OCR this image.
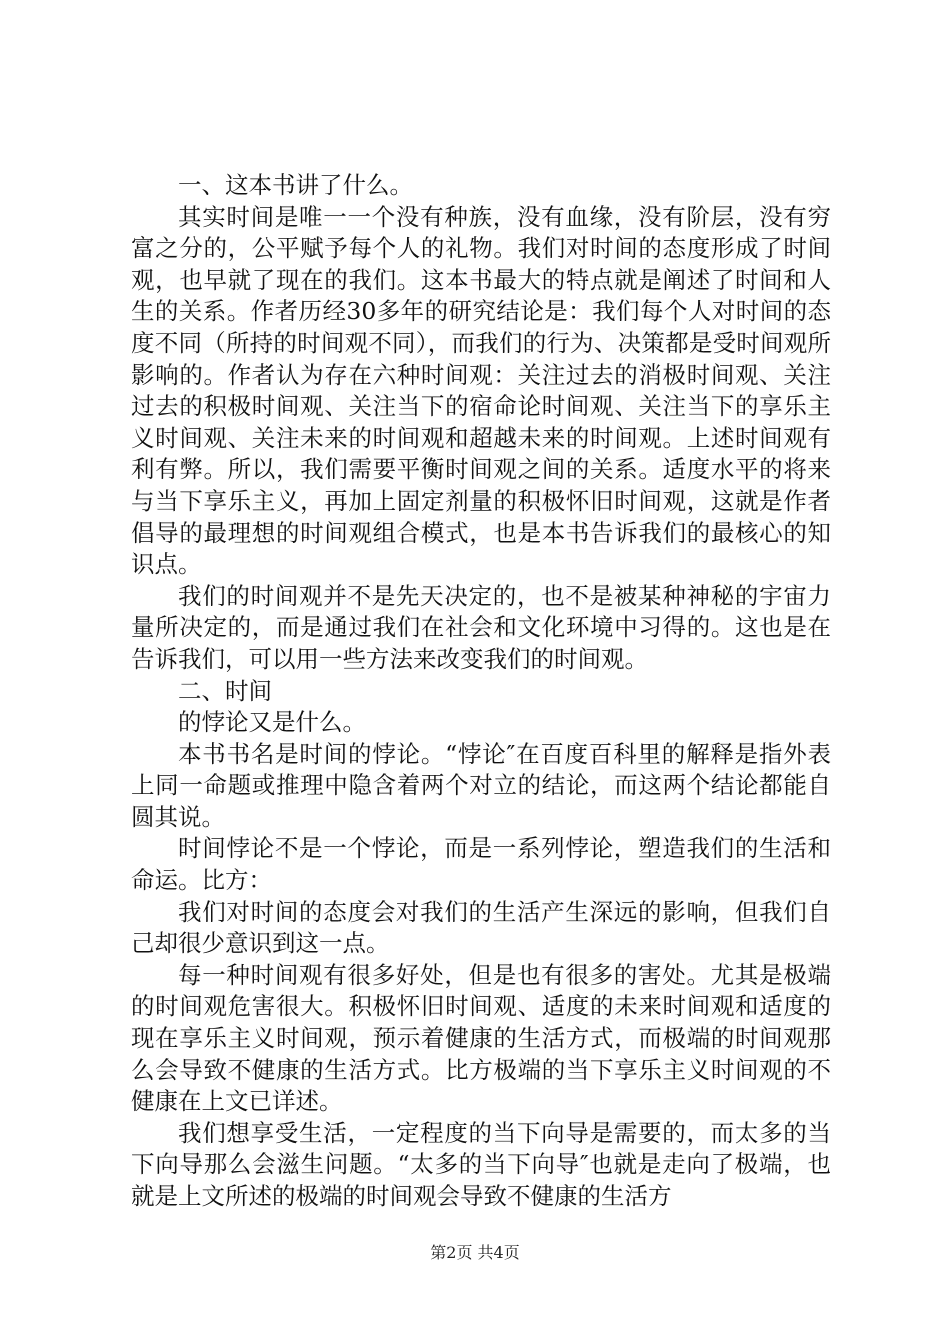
一、这本书讲了什么。

其实时间是唯一一个没有种族，没有血缘，没有阶层，没有穷富之分的，公平赋予每个人的礼物。我们对时间的态度形成了时间观，也早就了现在的我们。这本书最大的特点就是阐述了时间和人生的关系。作者历经30多年的研究结论是：我们每个人对时间的态度不同（所持的时间观不同），而我们的行为、决策都是受时间观所影响的。作者认为存在六种时间观：关注过去的消极时间观、关注过去的积极时间观、关注当下的宿命论时间观、关注当下的享乐主义时间观、关注未来的时间观和超越未来的时间观。上述时间观有利有弊。所以，我们需要平衡时间观之间的关系。适度水平的将来与当下享乐主义，再加上固定剂量的积极怀旧时间观，这就是作者倡导的最理想的时间观组合模式，也是本书告诉我们的最核心的知识点。

我们的时间观并不是先天决定的，也不是被某种神秘的宇宙力量所决定的，而是通过我们在社会和文化环境中习得的。这也是在告诉我们，可以用一些方法来改变我们的时间观。

二、时间

的悖论又是什么。

本书书名是时间的悖论。“悖论″在百度百科里的解释是指外表上同一命题或推理中隐含着两个对立的结论，而这两个结论都能自圆其说。

时间悖论不是一个悖论，而是一系列悖论，塑造我们的生活和命运。比方：

我们对时间的态度会对我们的生活产生深远的影响，但我们自己却很少意识到这一点。

每一种时间观有很多好处，但是也有很多的害处。尤其是极端的时间观危害很大。积极怀旧时间观、适度的未来时间观和适度的现在享乐主义时间观，预示着健康的生活方式，而极端的时间观那么会导致不健康的生活方式。比方极端的当下享乐主义时间观的不健康在上文已详述。

我们想享受生活，一定程度的当下向导是需要的，而太多的当下向导那么会滋生问题。“太多的当下向导″也就是走向了极端，也就是上文所述的极端的时间观会导致不健康的生活方

第2页 共4页
